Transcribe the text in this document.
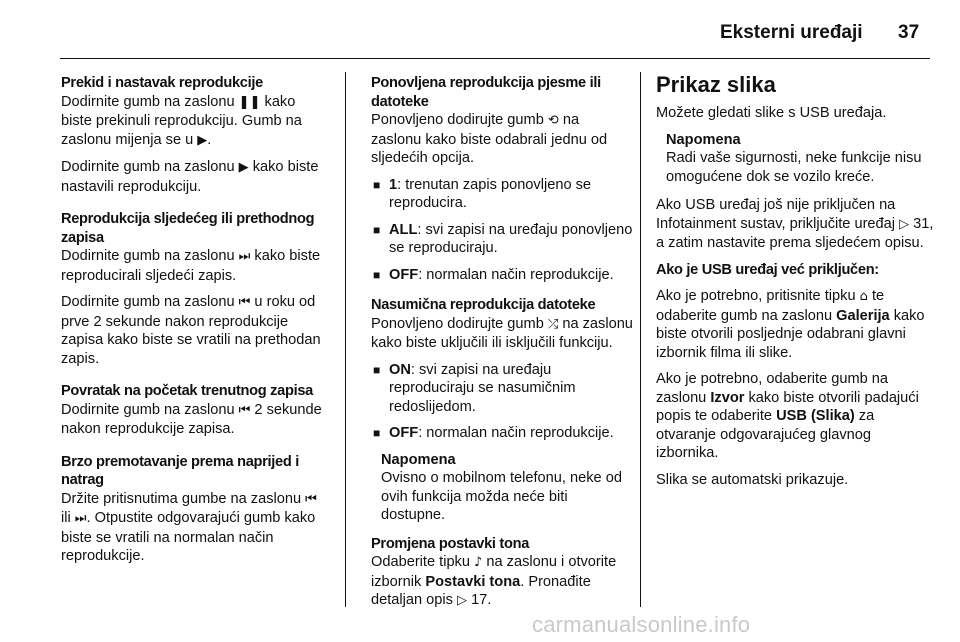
Eksterni uređaji 37

Prekid i nastavak reprodukcije

Dodirnite gumb na zaslonu ❚❚ kako biste prekinuli reprodukciju. Gumb na zaslonu mijenja se u ▶.

Dodirnite gumb na zaslonu ▶ kako biste nastavili reprodukciju.

Reprodukcija sljedećeg ili prethodnog zapisa

Dodirnite gumb na zaslonu ⏭ kako biste reproducirali sljedeći zapis.

Dodirnite gumb na zaslonu ⏮ u roku od prve 2 sekunde nakon reprodukcije zapisa kako biste se vratili na prethodan zapis.

Povratak na početak trenutnog zapisa

Dodirnite gumb na zaslonu ⏮ 2 sekunde nakon reprodukcije zapisa.

Brzo premotavanje prema naprijed i natrag

Držite pritisnutima gumbe na zaslonu ⏮ ili ⏭. Otpustite odgovarajući gumb kako biste se vratili na normalan način reprodukcije.

Ponovljena reprodukcija pjesme ili datoteke

Ponovljeno dodirujte gumb ⟲ na zaslonu kako biste odabrali jednu od sljedećih opcija.

■ 1: trenutan zapis ponovljeno se reproducira.
■ ALL: svi zapisi na uređaju ponovljeno se reproduciraju.
■ OFF: normalan način reprodukcije.

Nasumična reprodukcija datoteke

Ponovljeno dodirujte gumb ⤮ na zaslonu kako biste uključili ili isključili funkciju.

■ ON: svi zapisi na uređaju reproduciraju se nasumičnim redoslijedom.
■ OFF: normalan način reprodukcije.
Napomena
Ovisno o mobilnom telefonu, neke od ovih funkcija možda neće biti dostupne.

Promjena postavki tona

Odaberite tipku ♪ na zaslonu i otvorite izbornik Postavki tona. Pronađite detaljan opis ▷ 17.

Prikaz slika

Možete gledati slike s USB uređaja.

Napomena
Radi vaše sigurnosti, neke funkcije nisu omogućene dok se vozilo kreće.

Ako USB uređaj još nije priključen na Infotainment sustav, priključite uređaj ▷ 31, a zatim nastavite prema sljedećem opisu.

Ako je USB uređaj već priključen:

Ako je potrebno, pritisnite tipku ⌂ te odaberite gumb na zaslonu Galerija kako biste otvorili posljednje odabrani glavni izbornik filma ili slike.

Ako je potrebno, odaberite gumb na zaslonu Izvor kako biste otvorili padajući popis te odaberite USB (Slika) za otvaranje odgovarajućeg glavnog izbornika.

Slika se automatski prikazuje.

carmanualsonline.info
